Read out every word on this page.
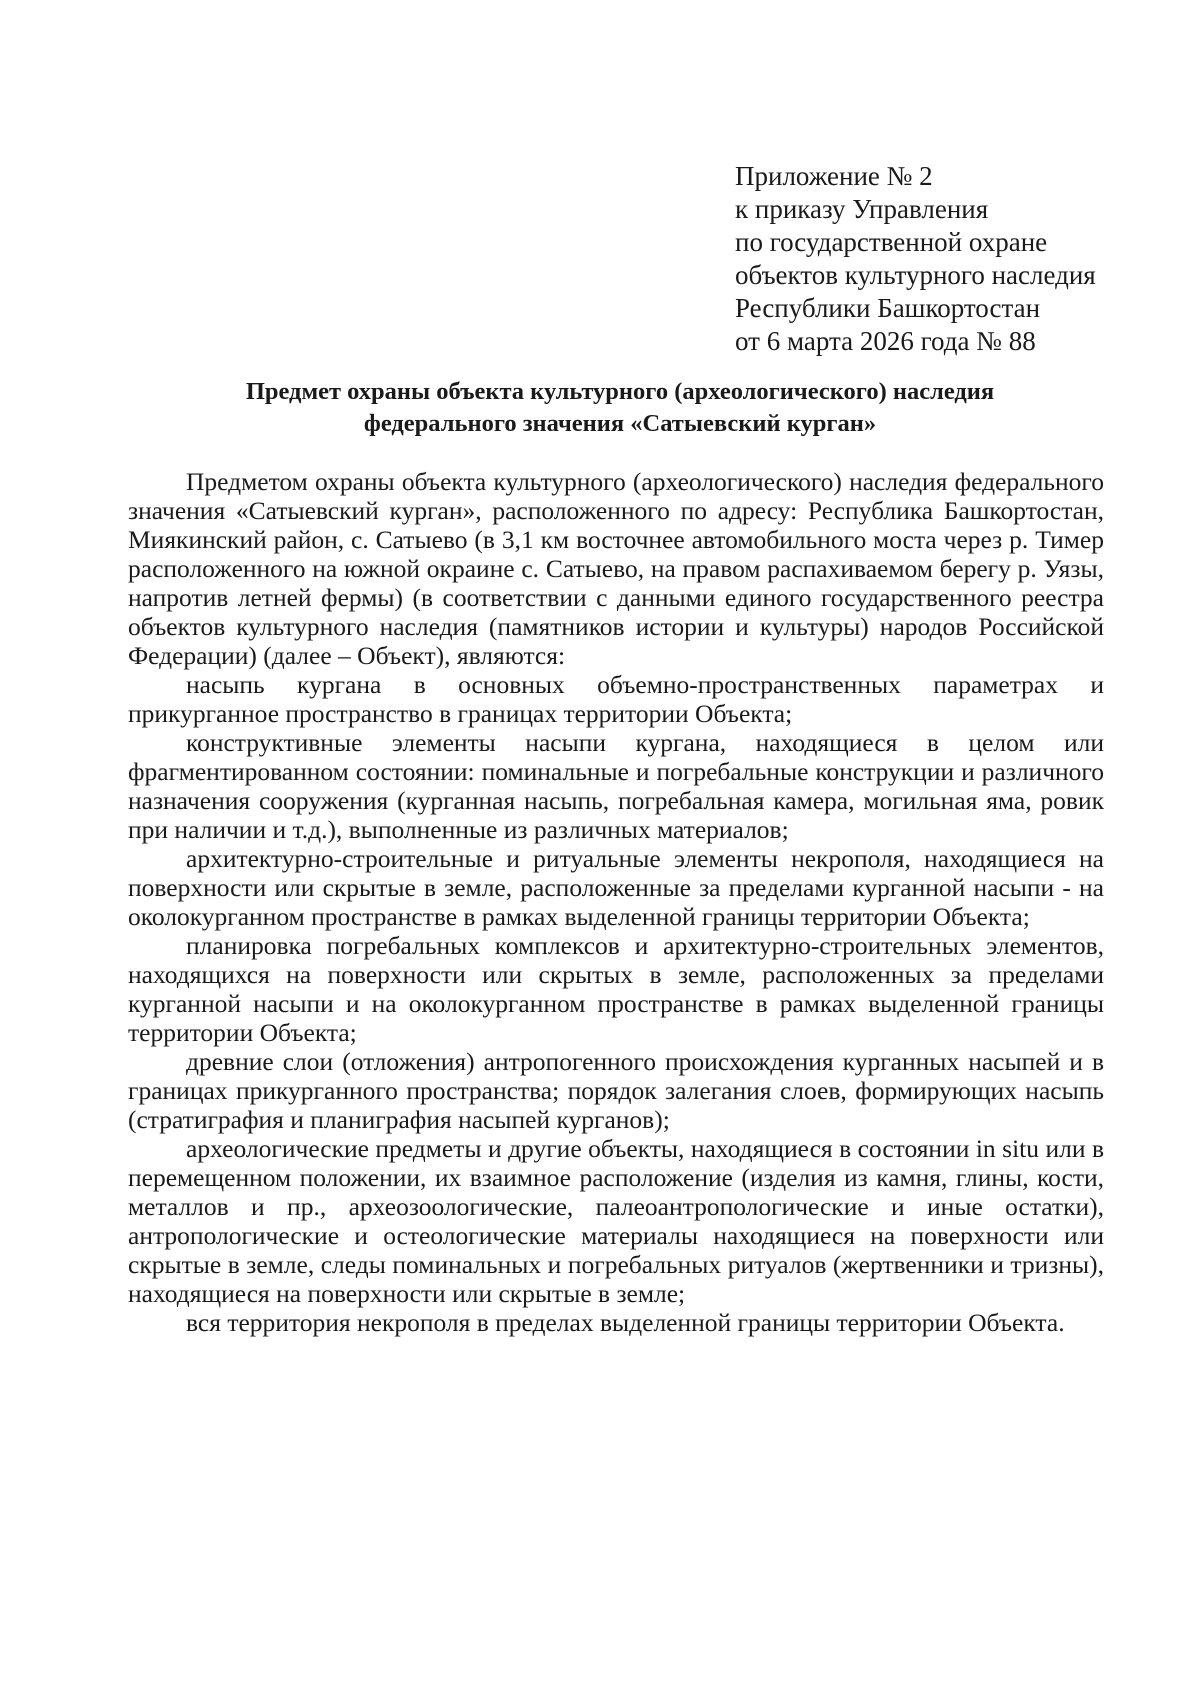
Приложение № 2
к приказу Управления
по государственной охране
объектов культурного наследия
Республики Башкортостан
от 6 марта 2026 года № 88
Предмет охраны объекта культурного (археологического) наследия
федерального значения «Сатыевский курган»

Предметом охраны объекта культурного (археологического) наследия федерального значения «Сатыевский курган», расположенного по адресу: Республика Башкортостан, Миякинский район, с. Сатыево (в 3,1 км восточнее автомобильного моста через р. Тимер расположенного на южной окраине с. Сатыево, на правом распахиваемом берегу р. Уязы, напротив летней фермы) (в соответствии с данными единого государственного реестра объектов культурного наследия (памятников истории и культуры) народов Российской Федерации) (далее – Объект), являются:

насыпь кургана в основных объемно-пространственных параметрах и прикурганное пространство в границах территории Объекта;

конструктивные элементы насыпи кургана, находящиеся в целом или фрагментированном состоянии: поминальные и погребальные конструкции и различного назначения сооружения (курганная насыпь, погребальная камера, могильная яма, ровик при наличии и т.д.), выполненные из различных материалов;

архитектурно-строительные и ритуальные элементы некрополя, находящиеся на поверхности или скрытые в земле, расположенные за пределами курганной насыпи - на околокурганном пространстве в рамках выделенной границы территории Объекта;

планировка погребальных комплексов и архитектурно-строительных элементов, находящихся на поверхности или скрытых в земле, расположенных за пределами курганной насыпи и на околокурганном пространстве в рамках выделенной границы территории Объекта;

древние слои (отложения) антропогенного происхождения курганных насыпей и в границах прикурганного пространства; порядок залегания слоев, формирующих насыпь (стратиграфия и планиграфия насыпей курганов);

археологические предметы и другие объекты, находящиеся в состоянии in situ или в перемещенном положении, их взаимное расположение (изделия из камня, глины, кости, металлов и пр., археозоологические, палеоантропологические и иные остатки), антропологические и остеологические материалы находящиеся на поверхности или скрытые в земле, следы поминальных и погребальных ритуалов (жертвенники и тризны), находящиеся на поверхности или скрытые в земле;

вся территория некрополя в пределах выделенной границы территории Объекта.
